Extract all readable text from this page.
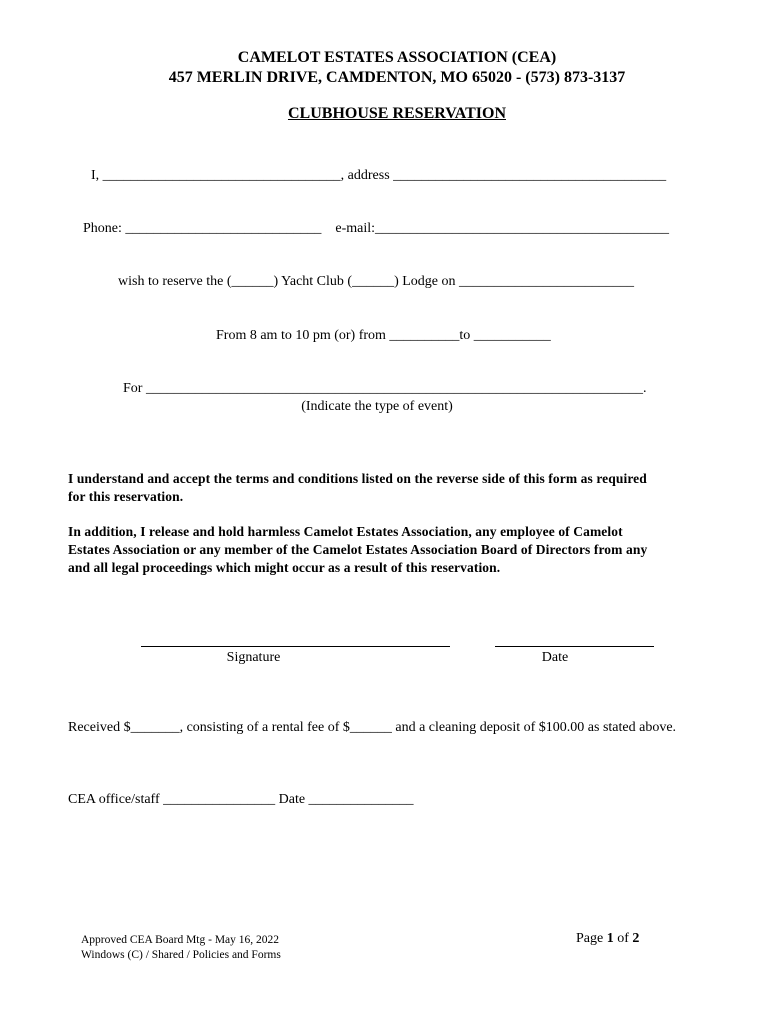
CAMELOT ESTATES ASSOCIATION (CEA)
457 MERLIN DRIVE, CAMDENTON, MO 65020 - (573) 873-3137
CLUBHOUSE RESERVATION
I, __________________________________, address _______________________________________
Phone: ____________________________    e-mail:__________________________________________
wish to reserve the (______) Yacht Club (______) Lodge on _________________________
From 8 am to 10 pm (or) from __________to ___________
For _______________________________________________________________________.
(Indicate the type of event)
I understand and accept the terms and conditions listed on the reverse side of this form as required
for this reservation.
In addition, I release and hold harmless Camelot Estates Association, any employee of Camelot
Estates Association or any member of the Camelot Estates Association Board of Directors from any
and all legal proceedings which might occur as a result of this reservation.
Signature	Date
Received $_______, consisting of a rental fee of $______ and a cleaning deposit of $100.00 as stated above.
CEA office/staff ________________ Date _______________
Approved CEA Board Mtg - May 16, 2022
Windows (C) / Shared / Policies and Forms
Page 1 of 2
